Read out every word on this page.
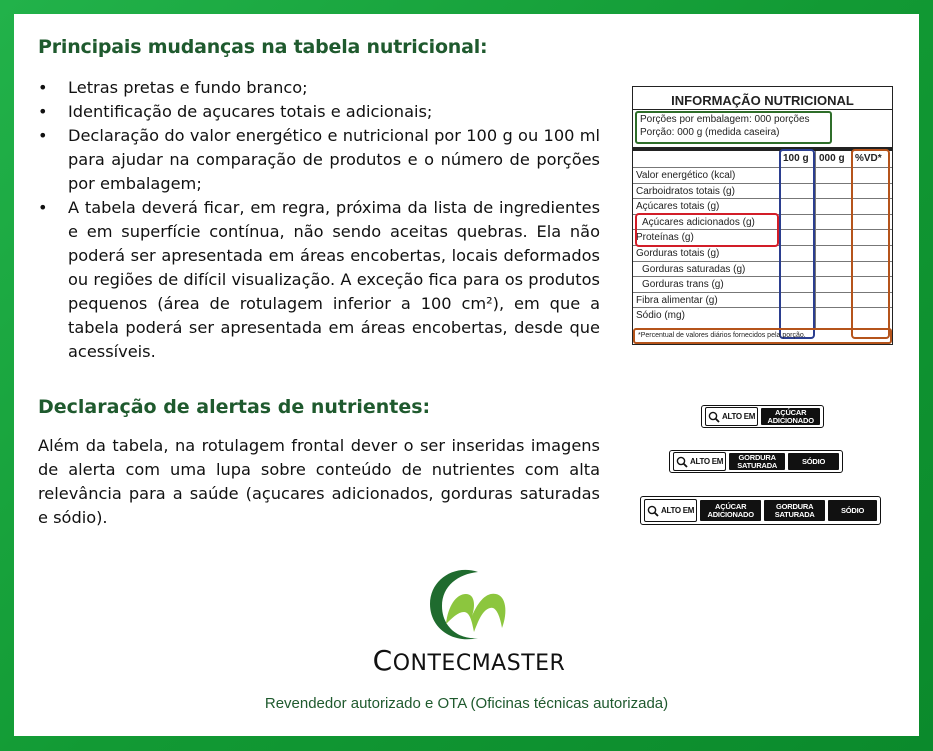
Principais mudanças na tabela nutricional:
• Letras pretas e fundo branco;
• Identificação de açucares totais e adicionais;
• Declaração do valor energético e nutricional por 100 g ou 100 ml para ajudar na comparação de produtos e o número de porções por embalagem;
• A tabela deverá ficar, em regra, próxima da lista de ingredientes e em superfície contínua, não sendo aceitas quebras. Ela não poderá ser apresentada em áreas encobertas, locais deformados ou regiões de difícil visualização. A exceção fica para os produtos pequenos (área de rotulagem inferior a 100 cm²), em que a tabela poderá ser apresentada em áreas encobertas, desde que acessíveis.
Declaração de alertas de nutrientes:

Além da tabela, na rotulagem frontal dever o ser inseridas imagens de alerta com uma lupa sobre conteúdo de nutrientes com alta relevância para a saúde (açucares adicionados, gorduras saturadas e sódio).

INFORMAÇÃO NUTRICIONAL
Porções por embalagem: 000 porções
Porção: 000 g (medida caseira)
100 g 000 g %VD*
Valor energético (kcal)
Carboidratos totais (g)
Açúcares totais (g)
Açúcares adicionados (g)
Proteínas (g)
Gorduras totais (g)
Gorduras saturadas (g)
Gorduras trans (g)
Fibra alimentar (g)
Sódio (mg)
*Percentual de valores diários fornecidos pela porção.
ALTO EM	AÇÚCAR
ADICIONADO
ALTO EM GORDURA
SATURADA	SÓDIO
ALTO EM	AÇÚCAR
ADICIONADO
GORDURA
SATURADA	SÓDIO
CONTECMASTER
Revendedor autorizado e OTA (Oficinas técnicas autorizada)
